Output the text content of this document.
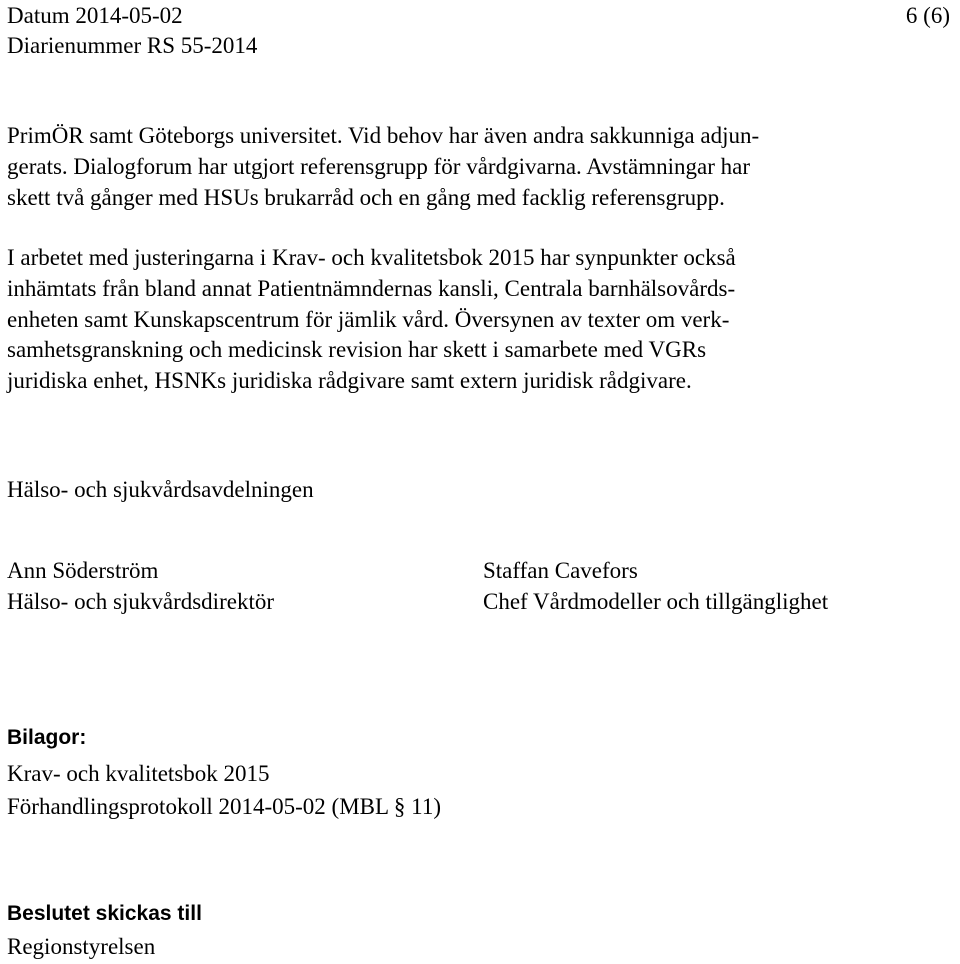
Datum 2014-05-02
Diarienummer RS 55-2014
6 (6)
PrimÖR samt Göteborgs universitet. Vid behov har även andra sakkunniga adjun-
gerats. Dialogforum har utgjort referensgrupp för vårdgivarna. Avstämningar har
skett två gånger med HSUs brukarråd och en gång med facklig referensgrupp.
I arbetet med justeringarna i Krav- och kvalitetsbok 2015 har synpunkter också
inhämtats från bland annat Patientnämndernas kansli, Centrala barnhälsovårds-
enheten samt Kunskapscentrum för jämlik vård. Översynen av texter om verk-
samhetsgranskning och medicinsk revision har skett i samarbete med VGRs
juridiska enhet, HSNKs juridiska rådgivare samt extern juridisk rådgivare.
Hälso- och sjukvårdsavdelningen
Ann Söderström
Hälso- och sjukvårdsdirektör
Staffan Cavefors
Chef Vårdmodeller och tillgänglighet
Bilagor:
Krav- och kvalitetsbok 2015
Förhandlingsprotokoll 2014-05-02 (MBL § 11)
Beslutet skickas till
Regionstyrelsen
